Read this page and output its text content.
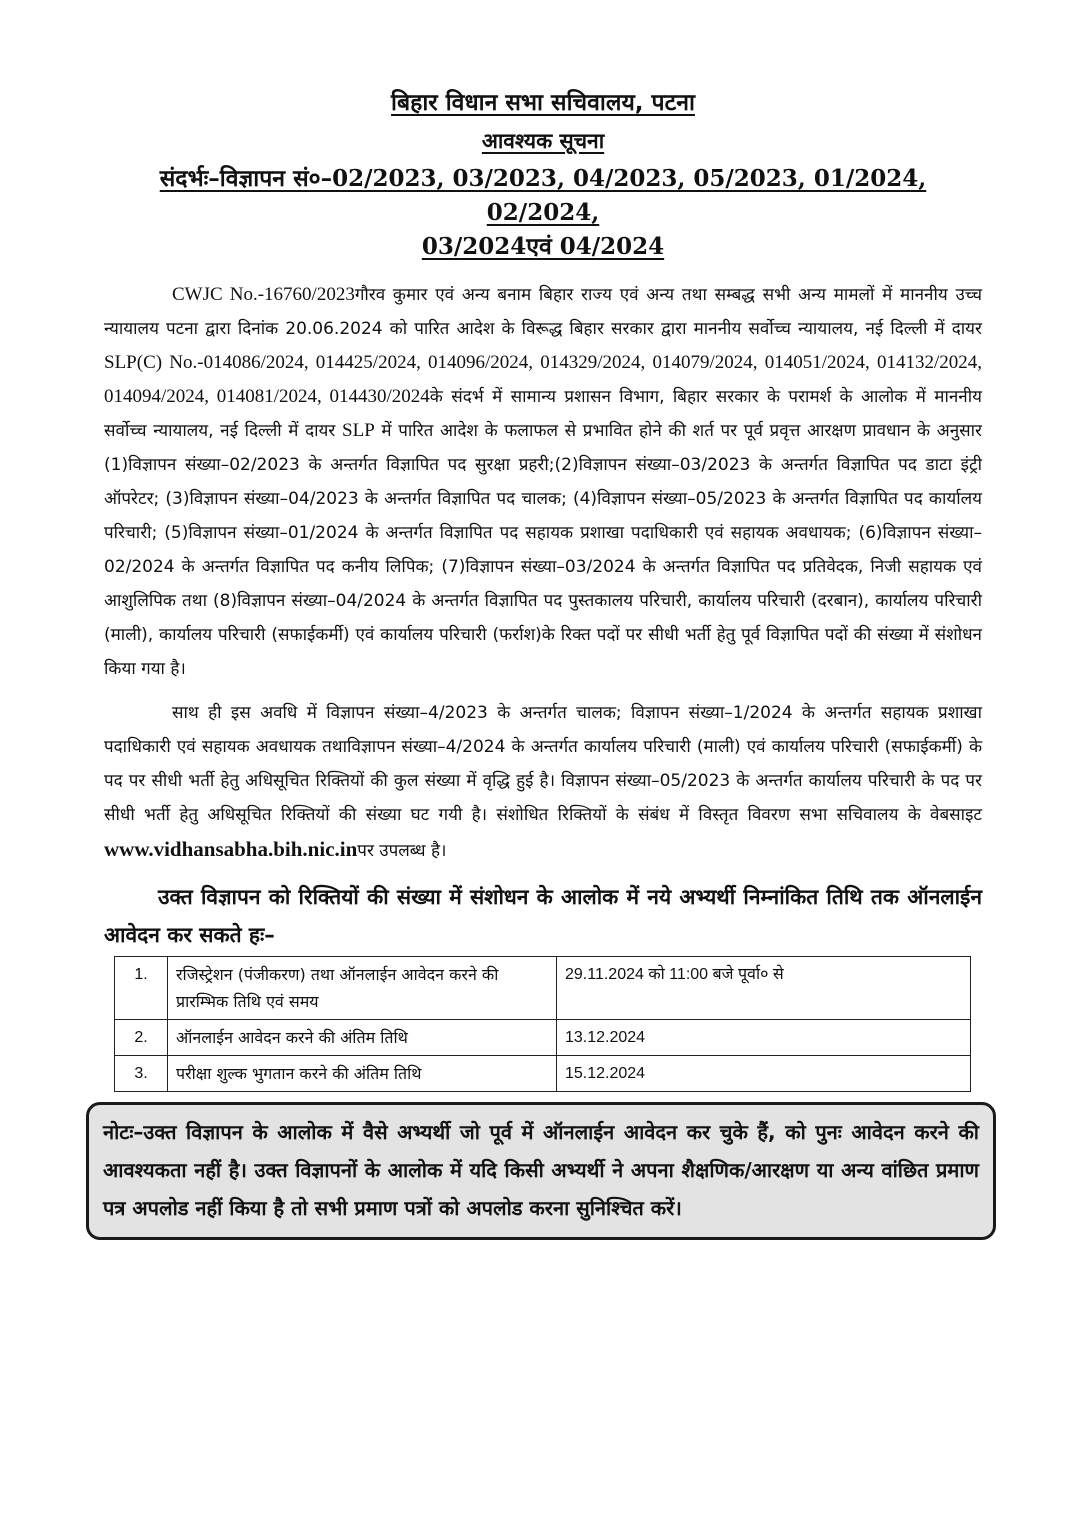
बिहार विधान सभा सचिवालय, पटना

आवश्यक सूचना

संदर्भः–विज्ञापन सं०–02/2023, 03/2023, 04/2023, 05/2023, 01/2024, 02/2024,

03/2024एवं 04/2024

CWJC No.-16760/2023गौरव कुमार एवं अन्य बनाम बिहार राज्य एवं अन्य तथा सम्बद्ध सभी अन्य मामलों में माननीय उच्च न्यायालय पटना द्वारा दिनांक 20.06.2024 को पारित आदेश के विरूद्ध बिहार सरकार द्वारा माननीय सर्वोच्च न्यायालय, नई दिल्ली में दायर SLP(C) No.-014086/2024, 014425/2024, 014096/2024, 014329/2024, 014079/2024, 014051/2024, 014132/2024, 014094/2024, 014081/2024, 014430/2024के संदर्भ में सामान्य प्रशासन विभाग, बिहार सरकार के परामर्श के आलोक में माननीय सर्वोच्च न्यायालय, नई दिल्ली में दायर SLP में पारित आदेश के फलाफल से प्रभावित होने की शर्त पर पूर्व प्रवृत्त आरक्षण प्रावधान के अनुसार (1)विज्ञापन संख्या–02/2023 के अन्तर्गत विज्ञापित पद सुरक्षा प्रहरी;(2)विज्ञापन संख्या–03/2023 के अन्तर्गत विज्ञापित पद डाटा इंट्री ऑपरेटर; (3)विज्ञापन संख्या–04/2023 के अन्तर्गत विज्ञापित पद चालक; (4)विज्ञापन संख्या–05/2023 के अन्तर्गत विज्ञापित पद कार्यालय परिचारी; (5)विज्ञापन संख्या–01/2024 के अन्तर्गत विज्ञापित पद सहायक प्रशाखा पदाधिकारी एवं सहायक अवधायक; (6)विज्ञापन संख्या–02/2024 के अन्तर्गत विज्ञापित पद कनीय लिपिक; (7)विज्ञापन संख्या–03/2024 के अन्तर्गत विज्ञापित पद प्रतिवेदक, निजी सहायक एवं आशुलिपिक तथा (8)विज्ञापन संख्या–04/2024 के अन्तर्गत विज्ञापित पद पुस्तकालय परिचारी, कार्यालय परिचारी (दरबान), कार्यालय परिचारी (माली), कार्यालय परिचारी (सफाईकर्मी) एवं कार्यालय परिचारी (फर्राश)के रिक्त पदों पर सीधी भर्ती हेतु पूर्व विज्ञापित पदों की संख्या में संशोधन किया गया है।

साथ ही इस अवधि में विज्ञापन संख्या–4/2023 के अन्तर्गत चालक; विज्ञापन संख्या–1/2024 के अन्तर्गत सहायक प्रशाखा पदाधिकारी एवं सहायक अवधायक तथाविज्ञापन संख्या–4/2024 के अन्तर्गत कार्यालय परिचारी (माली) एवं कार्यालय परिचारी (सफाईकर्मी) के पद पर सीधी भर्ती हेतु अधिसूचित रिक्तियों की कुल संख्या में वृद्धि हुई है। विज्ञापन संख्या–05/2023 के अन्तर्गत कार्यालय परिचारी के पद पर सीधी भर्ती हेतु अधिसूचित रिक्तियों की संख्या घट गयी है। संशोधित रिक्तियों के संबंध में विस्तृत विवरण सभा सचिवालय के वेबसाइट www.vidhansabha.bih.nic.inपर उपलब्ध है।

उक्त विज्ञापन को रिक्तियों की संख्या में संशोधन के आलोक में नये अभ्यर्थी निम्नांकित तिथि तक ऑनलाईन आवेदन कर सकते हः–

1.	रजिस्ट्रेशन (पंजीकरण) तथा ऑनलाईन आवेदन करने की प्रारम्भिक तिथि एवं समय	29.11.2024 को 11:00 बजे पूर्वा० से
2.	ऑनलाईन आवेदन करने की अंतिम तिथि	13.12.2024
3.	परीक्षा शुल्क भुगतान करने की अंतिम तिथि	15.12.2024
नोटः–उक्त विज्ञापन के आलोक में वैसे अभ्यर्थी जो पूर्व में ऑनलाईन आवेदन कर चुके हैं, को पुनः आवेदन करने की आवश्यकता नहीं है। उक्त विज्ञापनों के आलोक में यदि किसी अभ्यर्थी ने अपना शैक्षणिक/आरक्षण या अन्य वांछित प्रमाण पत्र अपलोड नहीं किया है तो सभी प्रमाण पत्रों को अपलोड करना सुनिश्चित करें।
